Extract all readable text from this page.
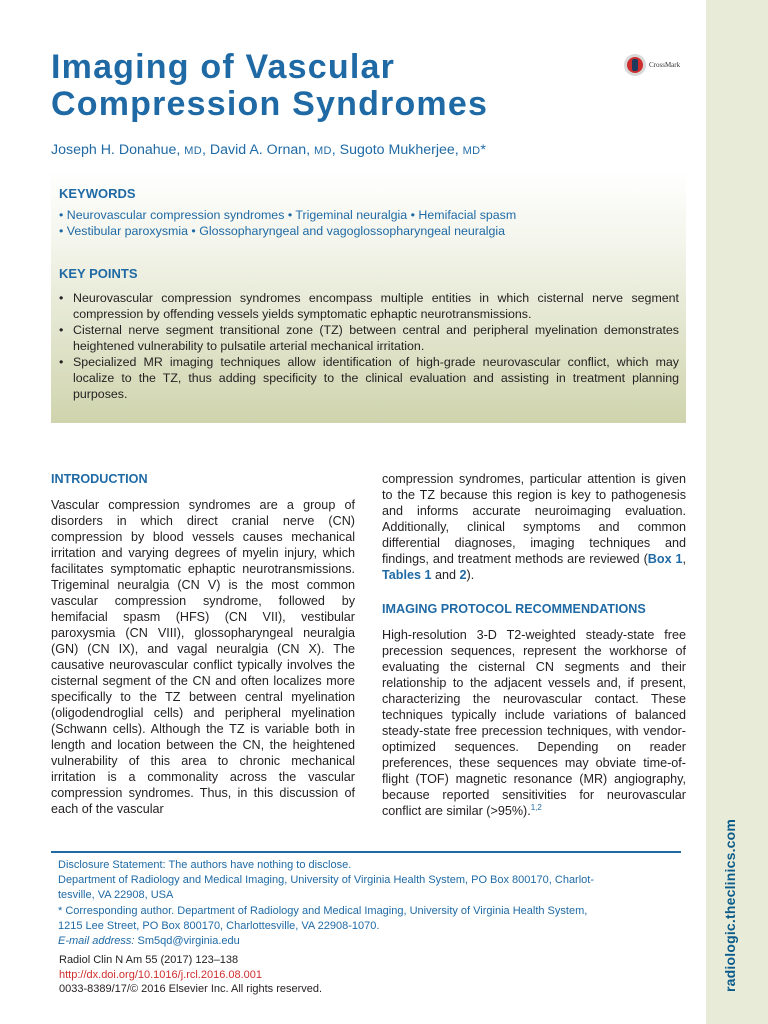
radiologic.theclinics.com
Imaging of Vascular
Compression Syndromes
CrossMark
Joseph H. Donahue, MD, David A. Ornan, MD, Sugoto Mukherjee, MD*
KEYWORDS
• Neurovascular compression syndromes • Trigeminal neuralgia • Hemifacial spasm
• Vestibular paroxysmia • Glossopharyngeal and vagoglossopharyngeal neuralgia
KEY POINTS
• Neurovascular compression syndromes encompass multiple entities in which cisternal nerve segment compression by offending vessels yields symptomatic ephaptic neurotransmissions.
• Cisternal nerve segment transitional zone (TZ) between central and peripheral myelination demonstrates heightened vulnerability to pulsatile arterial mechanical irritation.
• Specialized MR imaging techniques allow identification of high-grade neurovascular conflict, which may localize to the TZ, thus adding specificity to the clinical evaluation and assisting in treatment planning purposes.
INTRODUCTION

Vascular compression syndromes are a group of disorders in which direct cranial nerve (CN) compression by blood vessels causes mechanical irritation and varying degrees of myelin injury, which facilitates symptomatic ephaptic neurotransmissions. Trigeminal neuralgia (CN V) is the most common vascular compression syndrome, followed by hemifacial spasm (HFS) (CN VII), vestibular paroxysmia (CN VIII), glossopharyngeal neuralgia (GN) (CN IX), and vagal neuralgia (CN X). The causative neurovascular conflict typically involves the cisternal segment of the CN and often localizes more specifically to the TZ between central myelination (oligodendroglial cells) and peripheral myelination (Schwann cells). Although the TZ is variable both in length and location between the CN, the heightened vulnerability of this area to chronic mechanical irritation is a commonality across the vascular compression syndromes. Thus, in this discussion of each of the vascular

compression syndromes, particular attention is given to the TZ because this region is key to pathogenesis and informs accurate neuroimaging evaluation. Additionally, clinical symptoms and common differential diagnoses, imaging techniques and findings, and treatment methods are reviewed (Box 1, Tables 1 and 2).

IMAGING PROTOCOL RECOMMENDATIONS

High-resolution 3-D T2-weighted steady-state free precession sequences, represent the workhorse of evaluating the cisternal CN segments and their relationship to the adjacent vessels and, if present, characterizing the neurovascular contact. These techniques typically include variations of balanced steady-state free precession techniques, with vendor-optimized sequences. Depending on reader preferences, these sequences may obviate time-of-flight (TOF) magnetic resonance (MR) angiography, because reported sensitivities for neurovascular conflict are similar (>95%).$^{1,2}$

Disclosure Statement: The authors have nothing to disclose.
Department of Radiology and Medical Imaging, University of Virginia Health System, PO Box 800170, Charlot-
tesville, VA 22908, USA
* Corresponding author. Department of Radiology and Medical Imaging, University of Virginia Health System,
1215 Lee Street, PO Box 800170, Charlottesville, VA 22908-1070.
E-mail address: Sm5qd@virginia.edu
Radiol Clin N Am 55 (2017) 123–138
http://dx.doi.org/10.1016/j.rcl.2016.08.001
0033-8389/17/© 2016 Elsevier Inc. All rights reserved.
